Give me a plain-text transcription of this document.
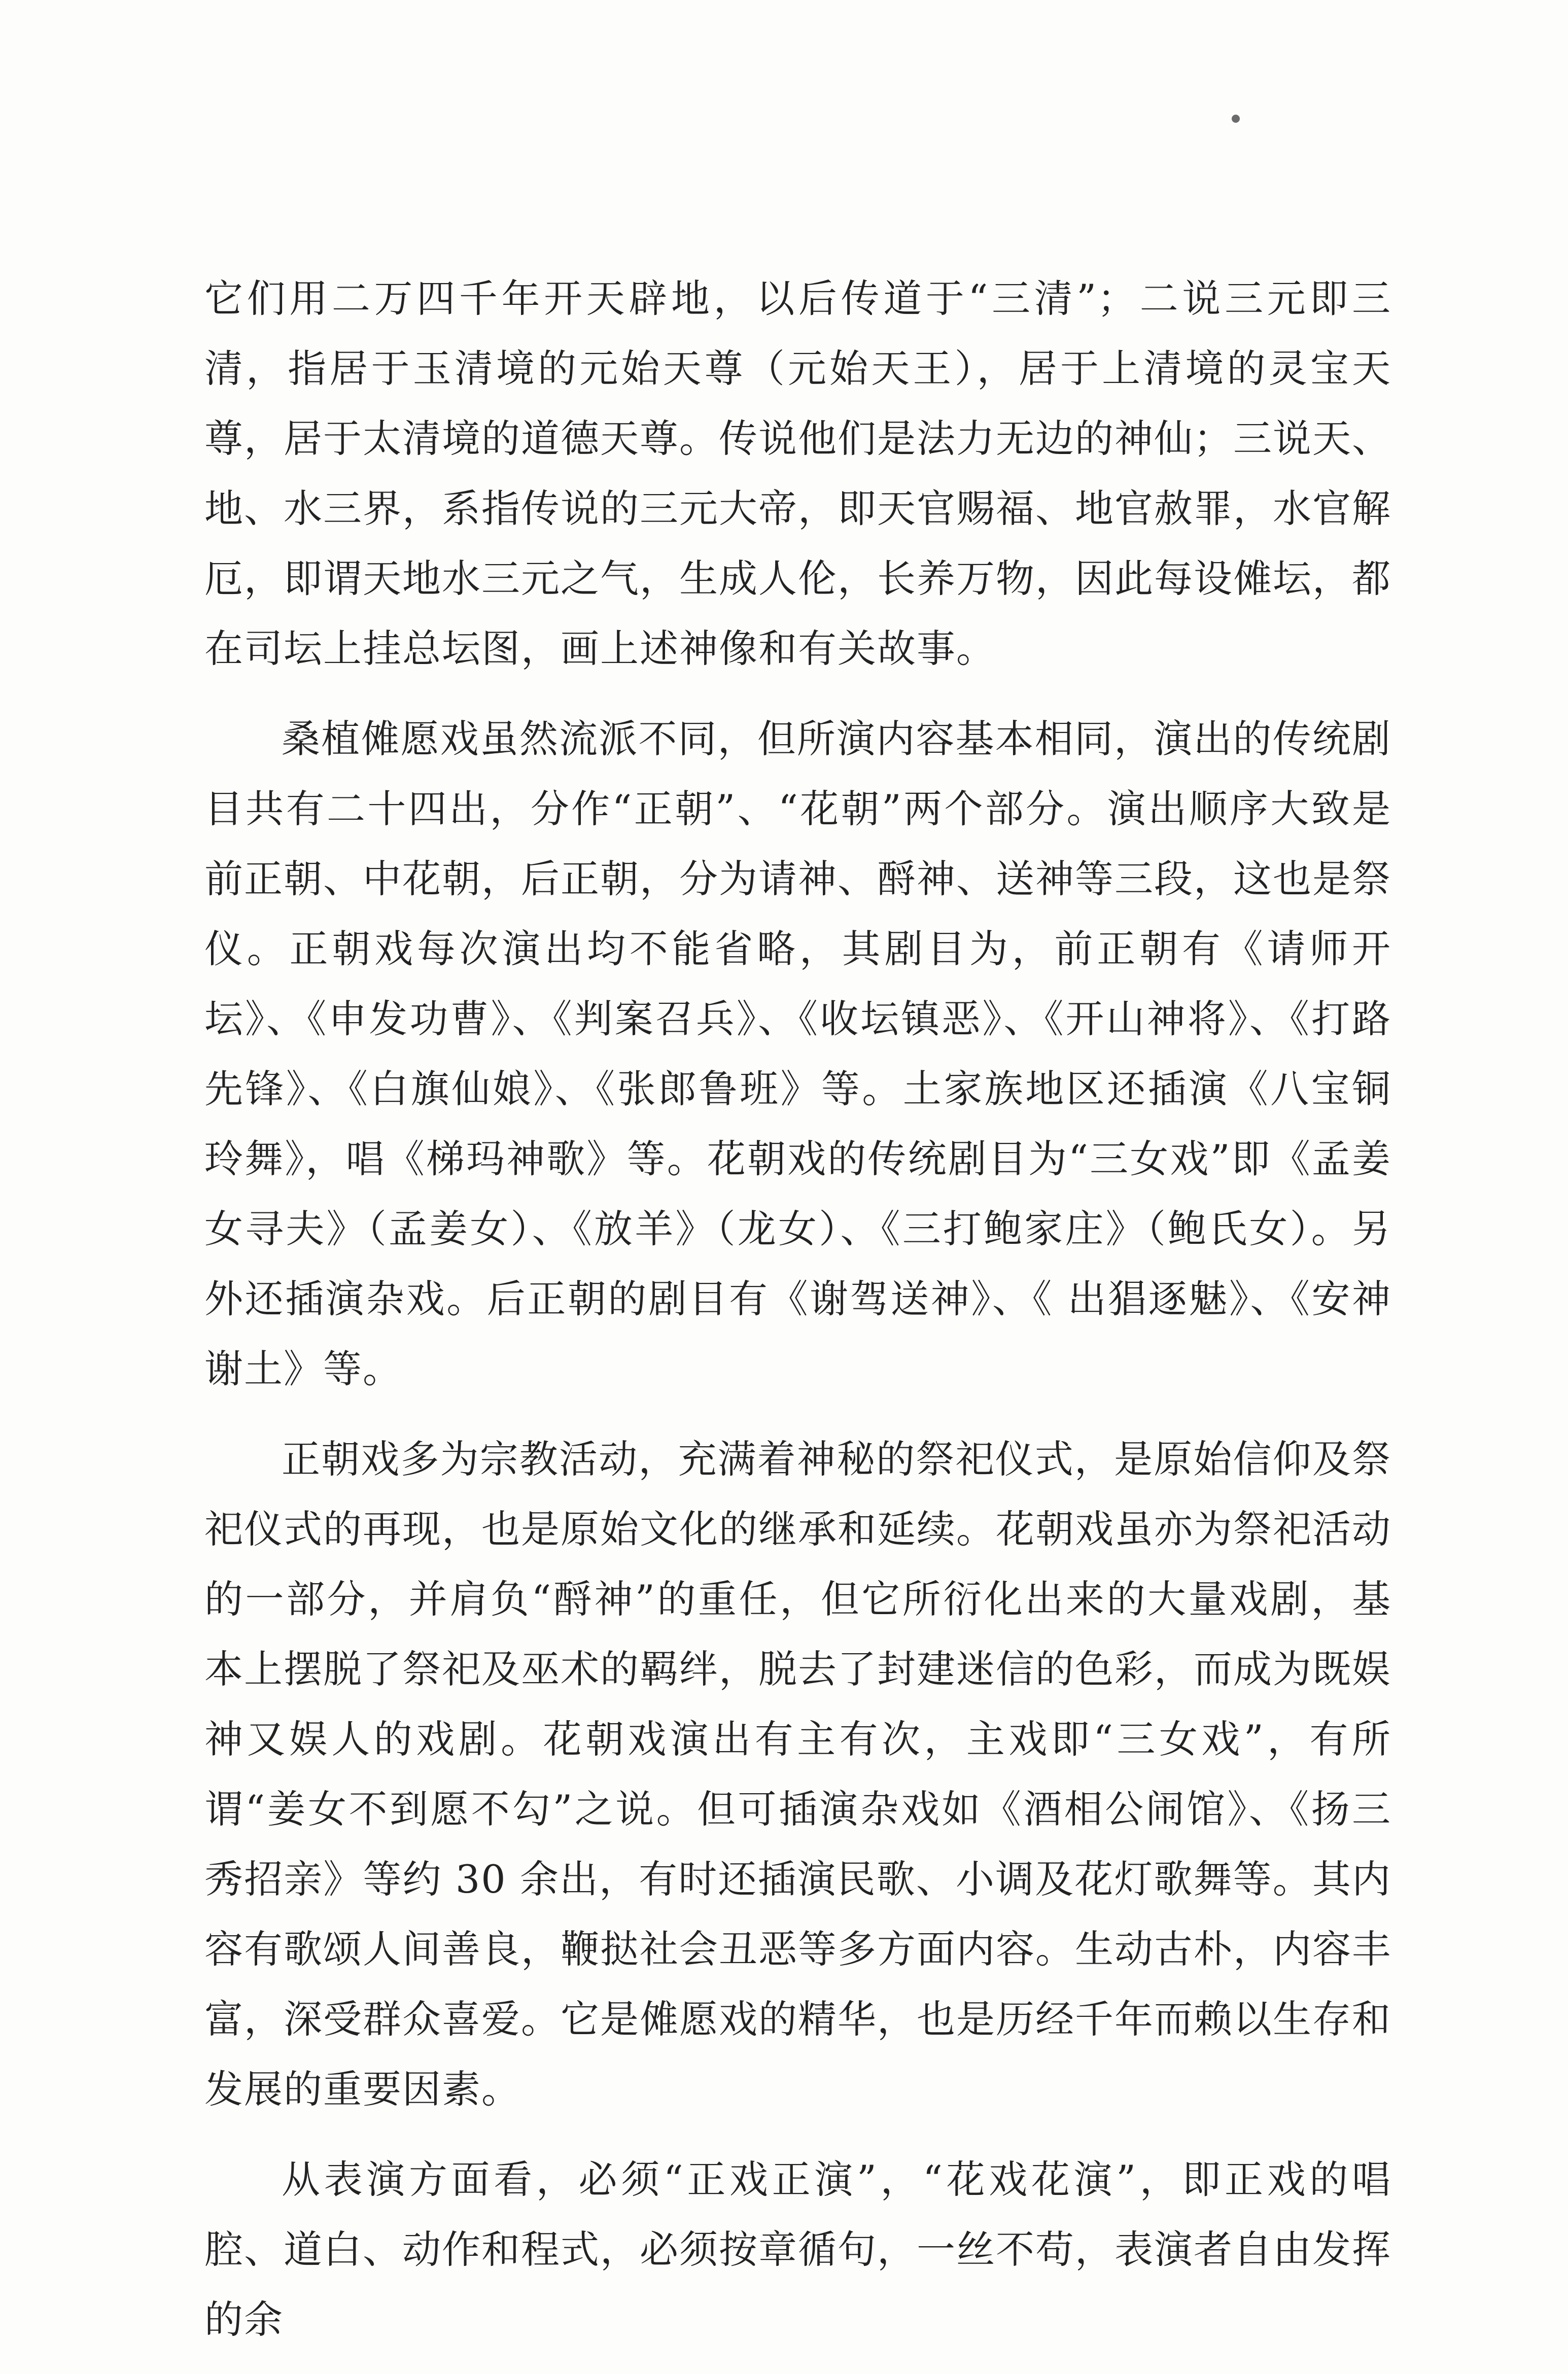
它们用二万四千年开天辟地，以后传道于“三清”；二说三元即三清，指居于玉清境的元始天尊（元始天王），居于上清境的灵宝天尊，居于太清境的道德天尊。传说他们是法力无边的神仙；三说天、地、水三界，系指传说的三元大帝，即天官赐福、地官赦罪，水官解厄，即谓天地水三元之气，生成人伦，长养万物，因此每设傩坛，都在司坛上挂总坛图，画上述神像和有关故事。

桑植傩愿戏虽然流派不同，但所演内容基本相同，演出的传统剧目共有二十四出，分作“正朝”、“花朝”两个部分。演出顺序大致是前正朝、中花朝，后正朝，分为请神、酹神、送神等三段，这也是祭仪。正朝戏每次演出均不能省略，其剧目为，前正朝有《请师开坛》、《申发功曹》、《判案召兵》、《收坛镇恶》、《开山神将》、《打路先锋》、《白旗仙娘》、《张郎鲁班》等。土家族地区还插演《八宝铜玲舞》，唱《梯玛神歌》等。花朝戏的传统剧目为“三女戏”即《孟姜女寻夫》（孟姜女）、《放羊》（龙女）、《三打鲍家庄》（鲍氏女）。另外还插演杂戏。后正朝的剧目有《谢驾送神》、《 出猖逐魅》、《安神谢土》等。

正朝戏多为宗教活动，充满着神秘的祭祀仪式，是原始信仰及祭祀仪式的再现，也是原始文化的继承和延续。花朝戏虽亦为祭祀活动的一部分，并肩负“酹神”的重任，但它所衍化出来的大量戏剧，基本上摆脱了祭祀及巫术的羁绊，脱去了封建迷信的色彩，而成为既娱神又娱人的戏剧。花朝戏演出有主有次，主戏即“三女戏”，有所谓“姜女不到愿不勾”之说。但可插演杂戏如《酒相公闹馆》、《扬三秀招亲》等约 30 余出，有时还插演民歌、小调及花灯歌舞等。其内容有歌颂人间善良，鞭挞社会丑恶等多方面内容。生动古朴，内容丰富，深受群众喜爱。它是傩愿戏的精华，也是历经千年而赖以生存和发展的重要因素。

从表演方面看，必须“正戏正演”，“花戏花演”，即正戏的唱腔、道白、动作和程式，必须按章循句，一丝不苟，表演者自由发挥的余
